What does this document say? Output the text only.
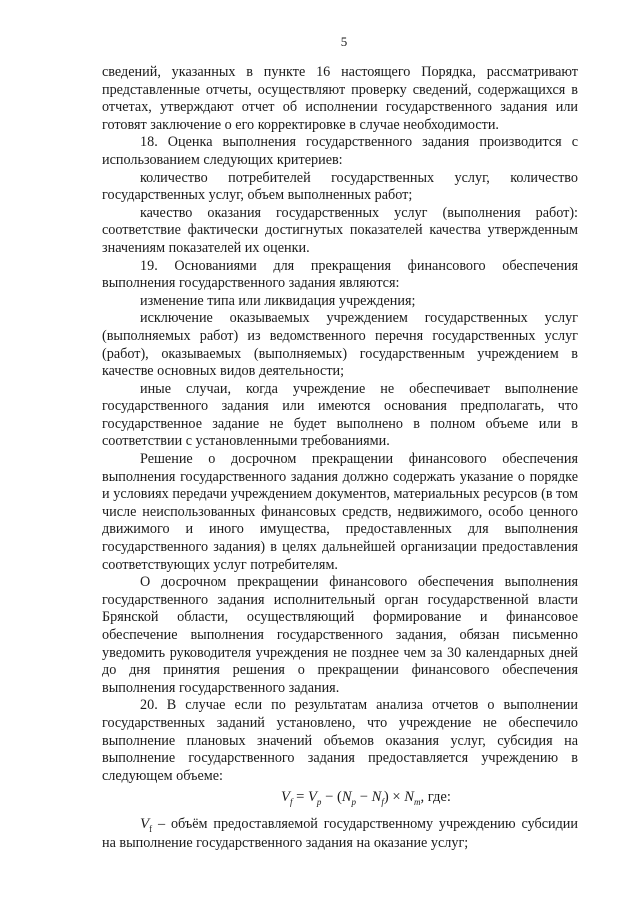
5

сведений, указанных в пункте 16 настоящего Порядка, рассматривают представленные отчеты, осуществляют проверку сведений, содержащихся в отчетах, утверждают отчет об исполнении государственного задания или готовят заключение о его корректировке в случае необходимости.

18. Оценка выполнения государственного задания производится с использованием следующих критериев:

количество потребителей государственных услуг, количество государственных услуг, объем выполненных работ;

качество оказания государственных услуг (выполнения работ): соответствие фактически достигнутых показателей качества утвержденным значениям показателей их оценки.

19. Основаниями для прекращения финансового обеспечения выполнения государственного задания являются:

изменение типа или ликвидация учреждения;

исключение оказываемых учреждением государственных услуг (выполняемых работ) из ведомственного перечня государственных услуг (работ), оказываемых (выполняемых) государственным учреждением в качестве основных видов деятельности;

иные случаи, когда учреждение не обеспечивает выполнение государственного задания или имеются основания предполагать, что государственное задание не будет выполнено в полном объеме или в соответствии с установленными требованиями.

Решение о досрочном прекращении финансового обеспечения выполнения государственного задания должно содержать указание о порядке и условиях передачи учреждением документов, материальных ресурсов (в том числе неиспользованных финансовых средств, недвижимого, особо ценного движимого и иного имущества, предоставленных для выполнения государственного задания) в целях дальнейшей организации предоставления соответствующих услуг потребителям.

О досрочном прекращении финансового обеспечения выполнения государственного задания исполнительный орган государственной власти Брянской области, осуществляющий формирование и финансовое обеспечение выполнения государственного задания, обязан письменно уведомить руководителя учреждения не позднее чем за 30 календарных дней до дня принятия решения о прекращении финансового обеспечения выполнения государственного задания.

20. В случае если по результатам анализа отчетов о выполнении государственных заданий установлено, что учреждение не обеспечило выполнение плановых значений объемов оказания услуг, субсидия на выполнение государственного задания предоставляется учреждению в следующем объеме:

$V_f = V_p - (N_p - N_f) \times N_m$, где:

$V_f$ – объём предоставляемой государственному учреждению субсидии на выполнение государственного задания на оказание услуг;
